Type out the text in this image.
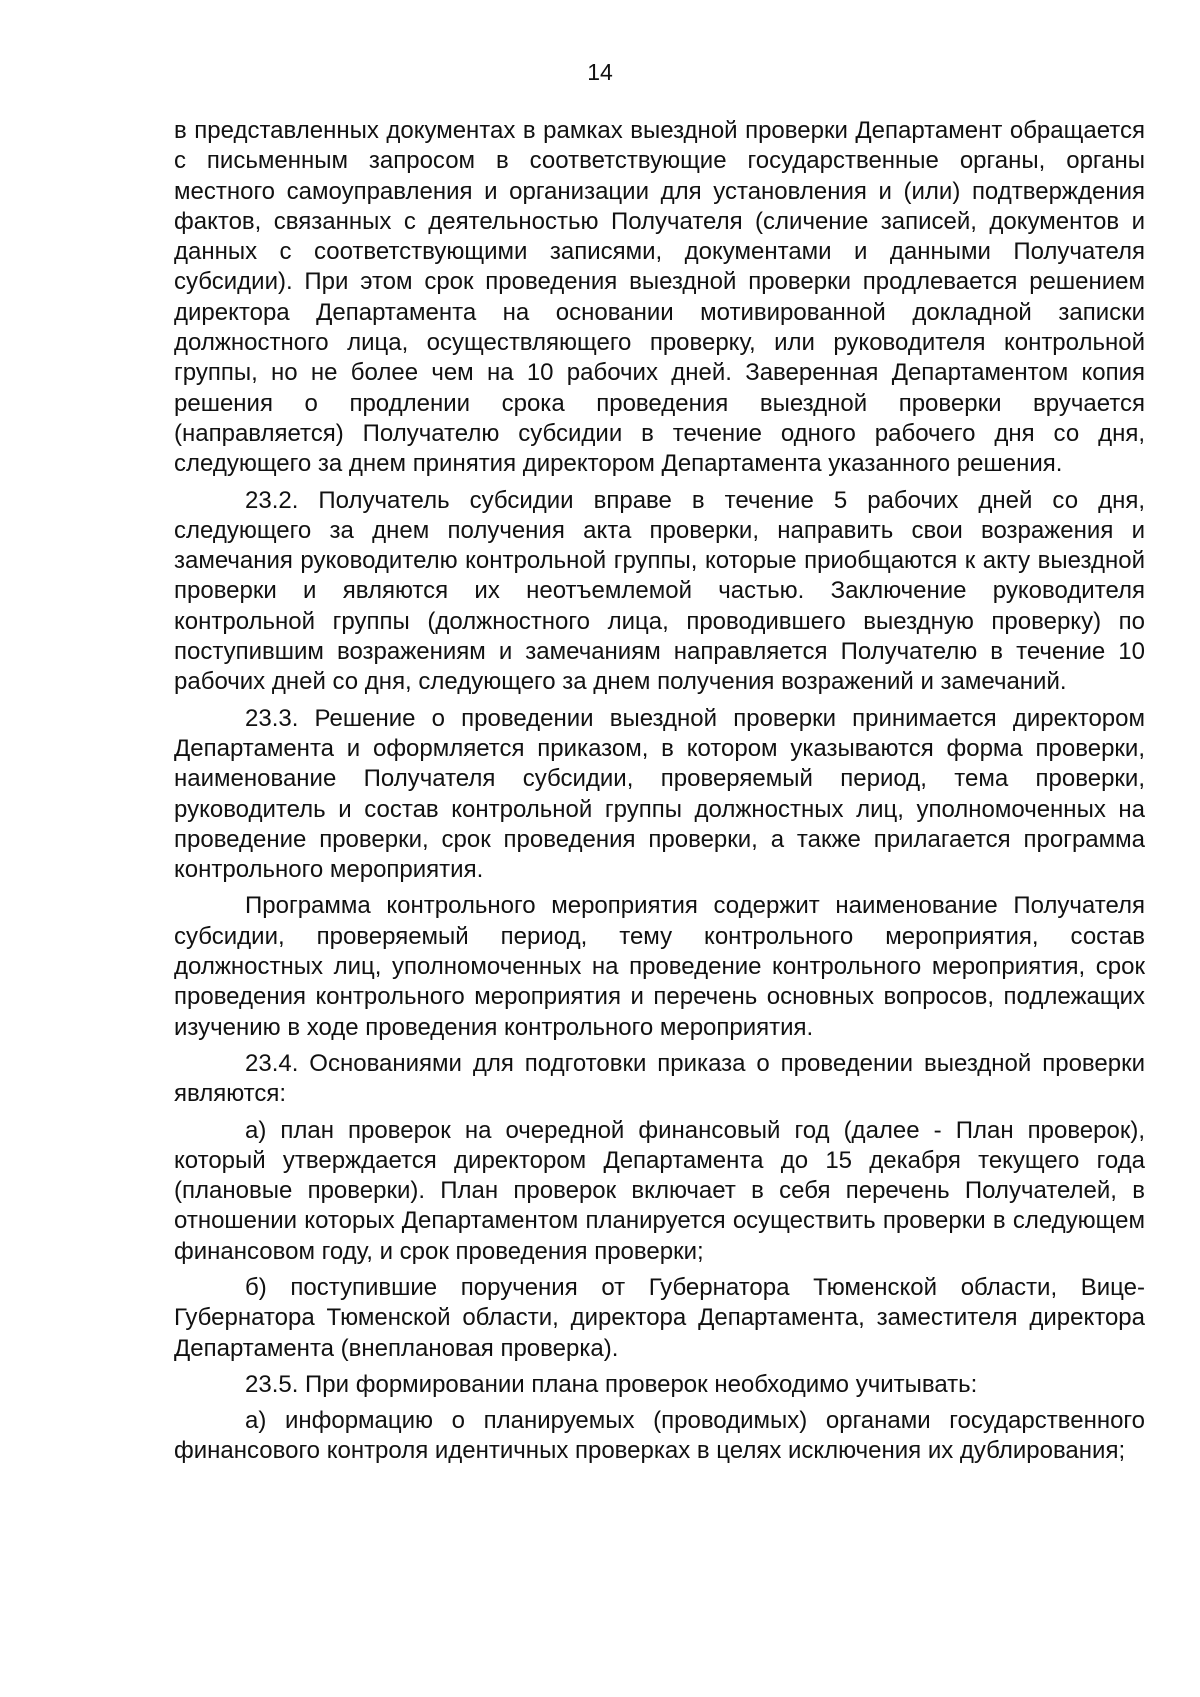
14

в представленных документах в рамках выездной проверки Департамент обращается с письменным запросом в соответствующие государственные органы, органы местного самоуправления и организации для установления и (или) подтверждения фактов, связанных с деятельностью Получателя (сличение записей, документов и данных с соответствующими записями, документами и данными Получателя субсидии). При этом срок проведения выездной проверки продлевается решением директора Департамента на основании мотивированной докладной записки должностного лица, осуществляющего проверку, или руководителя контрольной группы, но не более чем на 10 рабочих дней. Заверенная Департаментом копия решения о продлении срока проведения выездной проверки вручается (направляется) Получателю субсидии в течение одного рабочего дня со дня, следующего за днем принятия директором Департамента указанного решения.

23.2. Получатель субсидии вправе в течение 5 рабочих дней со дня, следующего за днем получения акта проверки, направить свои возражения и замечания руководителю контрольной группы, которые приобщаются к акту выездной проверки и являются их неотъемлемой частью. Заключение руководителя контрольной группы (должностного лица, проводившего выездную проверку) по поступившим возражениям и замечаниям направляется Получателю в течение 10 рабочих дней со дня, следующего за днем получения возражений и замечаний.

23.3. Решение о проведении выездной проверки принимается директором Департамента и оформляется приказом, в котором указываются форма проверки, наименование Получателя субсидии, проверяемый период, тема проверки, руководитель и состав контрольной группы должностных лиц, уполномоченных на проведение проверки, срок проведения проверки, а также прилагается программа контрольного мероприятия.

Программа контрольного мероприятия содержит наименование Получателя субсидии, проверяемый период, тему контрольного мероприятия, состав должностных лиц, уполномоченных на проведение контрольного мероприятия, срок проведения контрольного мероприятия и перечень основных вопросов, подлежащих изучению в ходе проведения контрольного мероприятия.

23.4. Основаниями для подготовки приказа о проведении выездной проверки являются:

а) план проверок на очередной финансовый год (далее - План проверок), который утверждается директором Департамента до 15 декабря текущего года (плановые проверки). План проверок включает в себя перечень Получателей, в отношении которых Департаментом планируется осуществить проверки в следующем финансовом году, и срок проведения проверки;

б) поступившие поручения от Губернатора Тюменской области, Вице-Губернатора Тюменской области, директора Департамента, заместителя директора Департамента (внеплановая проверка).

23.5. При формировании плана проверок необходимо учитывать:

а) информацию о планируемых (проводимых) органами государственного финансового контроля идентичных проверках в целях исключения их дублирования;
